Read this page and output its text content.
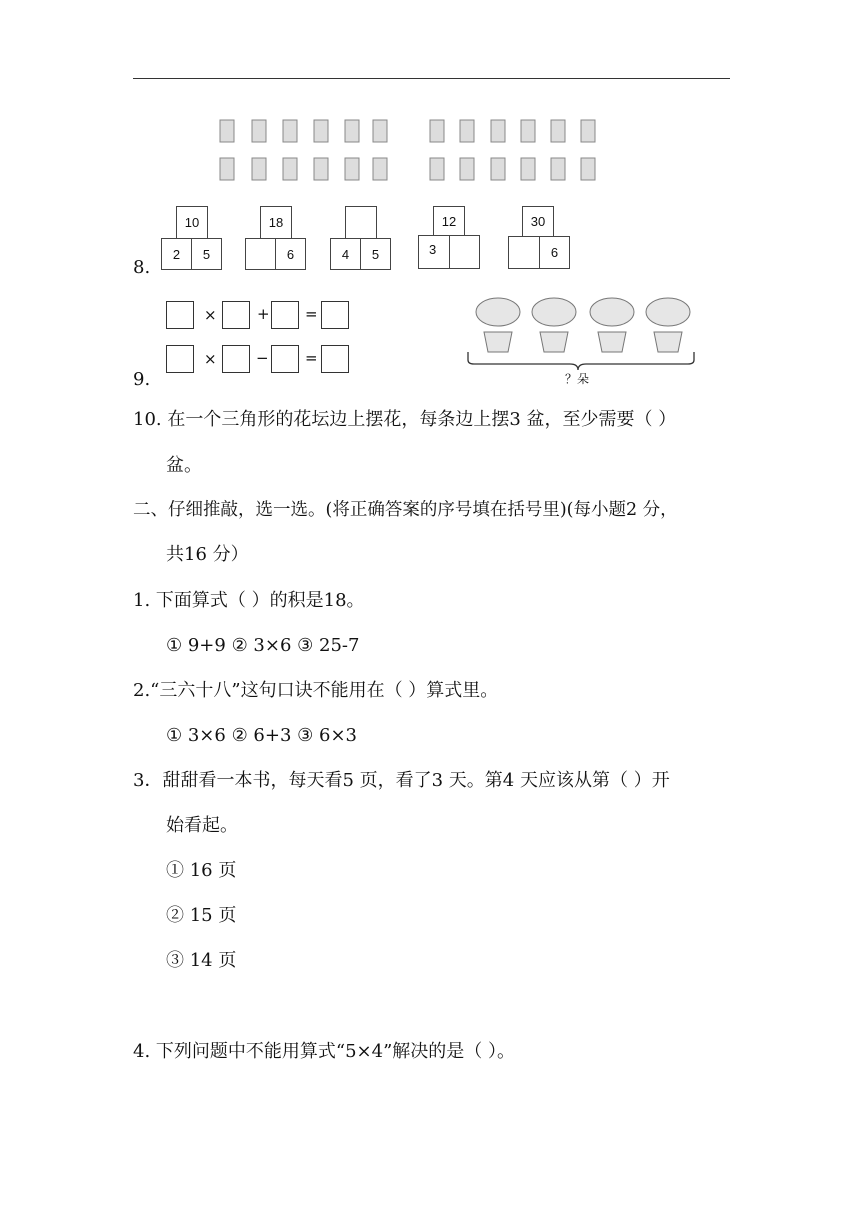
8.
10
2	5
18
6	4	5
12
3
30
6
9.
×	+ =
×	− =
？朵
10. 在一个三角形的花坛边上摆花，每条边上摆3 盆，至少需要（ ）
盆。
二、仔细推敲，选一选。(将正确答案的序号填在括号里)(每小题2 分，
共16 分）
1. 下面算式（ ）的积是18。
① 9+9 ② 3×6 ③ 25-7
2.“三六十八”这句口诀不能用在（ ）算式里。
① 3×6 ② 6+3 ③ 6×3
3．甜甜看一本书，每天看5 页，看了3 天。第4 天应该从第（ ）开
始看起。
① 16 页
② 15 页
③ 14 页
4. 下列问题中不能用算式“5×4”解决的是（ ）。
